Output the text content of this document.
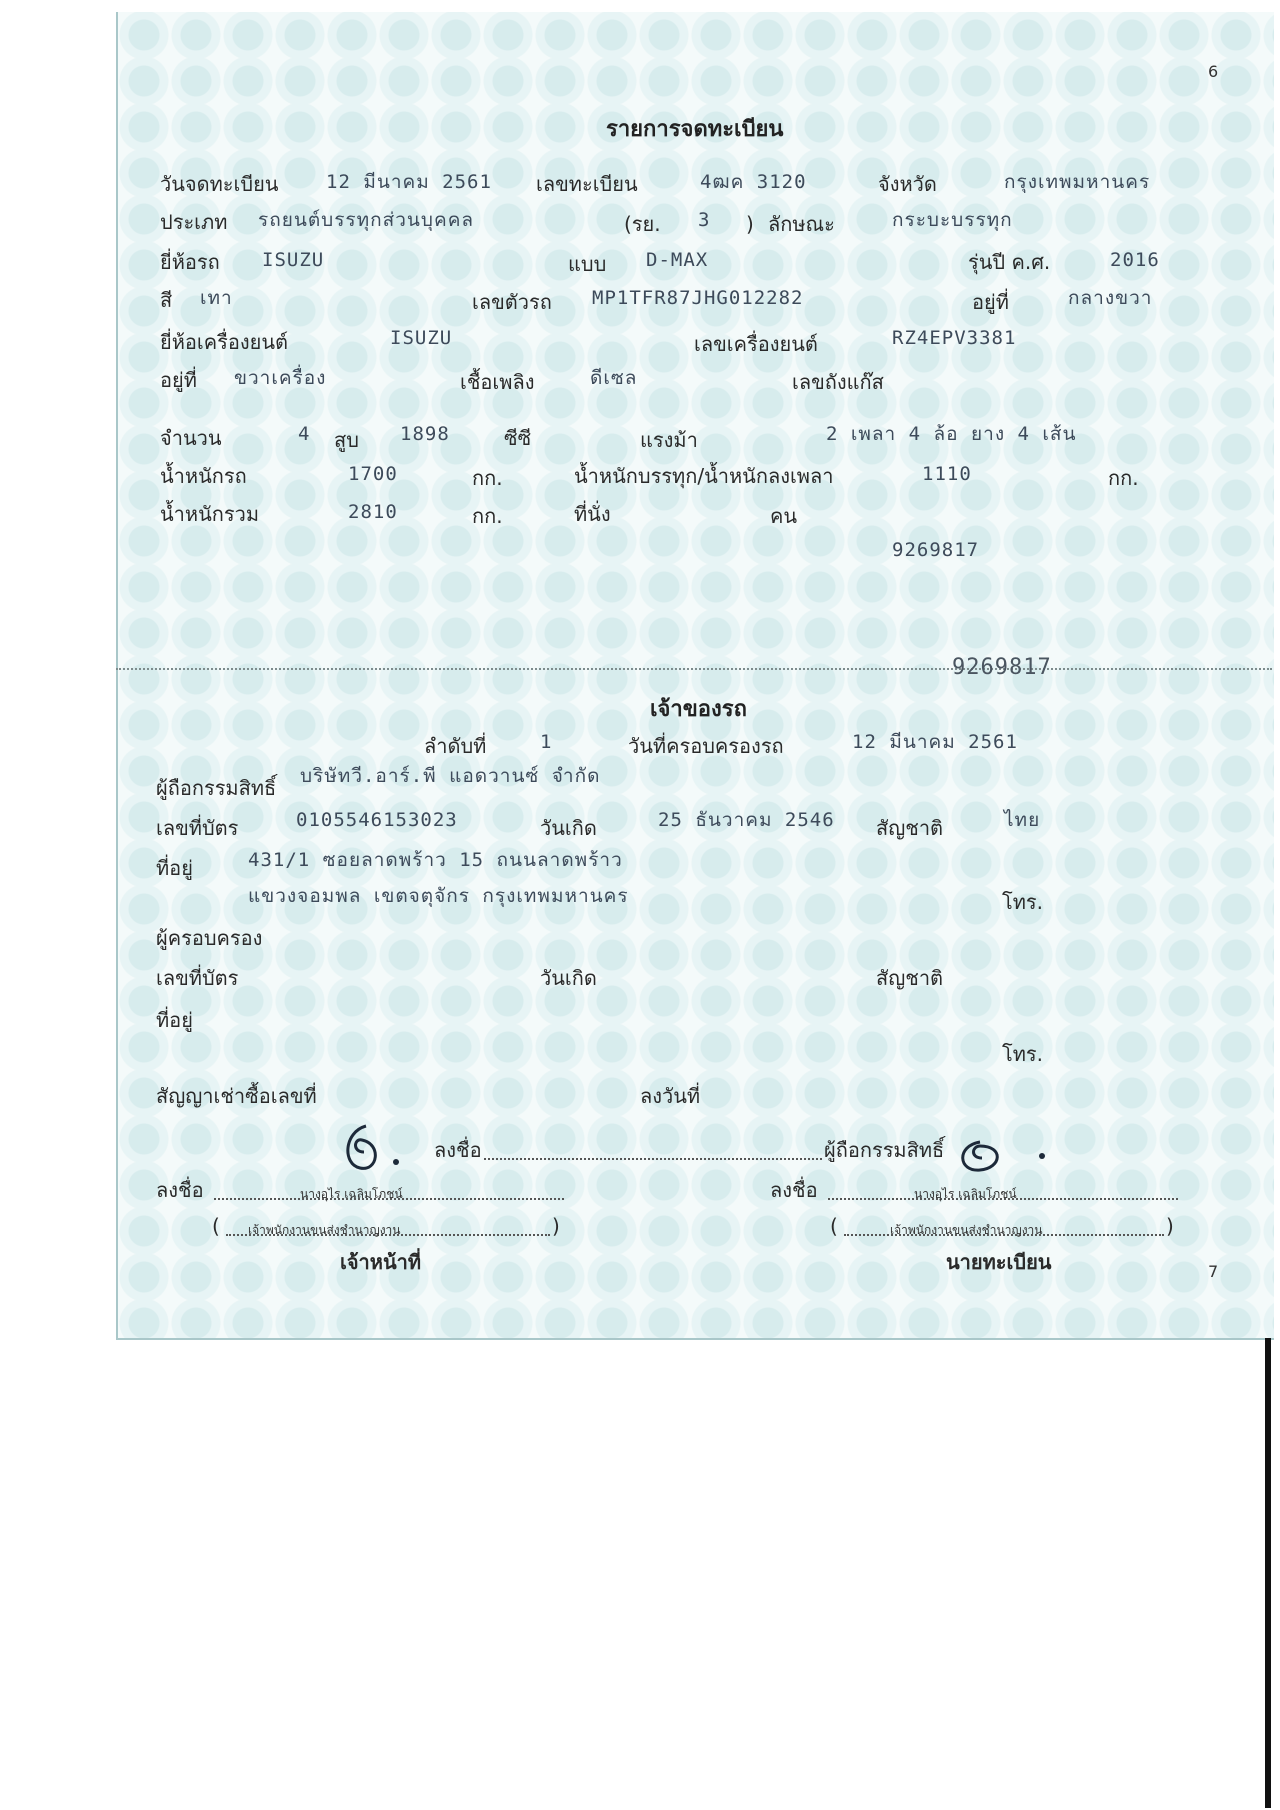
6
7
รายการจดทะเบียน
วันจดทะเบียน	12 มีนาคม 2561 เลขทะเบียน	4ฒค 3120	จังหวัด	กรุงเทพมหานคร
ประเภท รถยนต์บรรทุกส่วนบุคคล	(รย. 3 ) ลักษณะ	กระบะบรรทุก
ยี่ห้อรถ ISUZU	แบบ D-MAX	รุ่นปี ค.ศ.	2016
สี เทา	เลขตัวรถ MP1TFR87JHG012282	อยู่ที่	กลางขวา
ยี่ห้อเครื่องยนต์	ISUZU	เลขเครื่องยนต์	RZ4EPV3381
อยู่ที่ ขวาเครื่อง	เชื้อเพลิง	ดีเซล	เลขถังแก๊ส
จำนวน	4 สูบ 1898	ซีซี	แรงม้า	2 เพลา 4 ล้อ ยาง 4 เส้น
น้ำหนักรถ	1700	กก.	น้ำหนักบรรทุก/น้ำหนักลงเพลา	1110	กก.
น้ำหนักรวม	2810	กก.	ที่นั่ง	คน
9269817
9269817
เจ้าของรถ
ลำดับที่	1	วันที่ครอบครองรถ	12 มีนาคม 2561
ผู้ถือกรรมสิทธิ์ บริษัทวี.อาร์.พี แอดวานซ์ จำกัด
เลขที่บัตร	0105546153023	วันเกิด	25 ธันวาคม 2546 สัญชาติ	ไทย
ที่อยู่	431/1 ซอยลาดพร้าว 15 ถนนลาดพร้าว
แขวงจอมพล เขตจตุจักร กรุงเทพมหานคร	โทร.
ผู้ครอบครอง
เลขที่บัตร	วันเกิด	สัญชาติ
ที่อยู่
โทร.
สัญญาเช่าซื้อเลขที่	ลงวันที่
ลงชื่อ	ผู้ถือกรรมสิทธิ์
ลงชื่อ	นางอุไร เฉลิมโภชน์
( เจ้าพนักงานขนส่งชำนาญงาน	)
เจ้าหน้าที่
ลงชื่อ	นางอุไร เฉลิมโภชน์
(	เจ้าพนักงานขนส่งชำนาญงาน	)
นายทะเบียน
